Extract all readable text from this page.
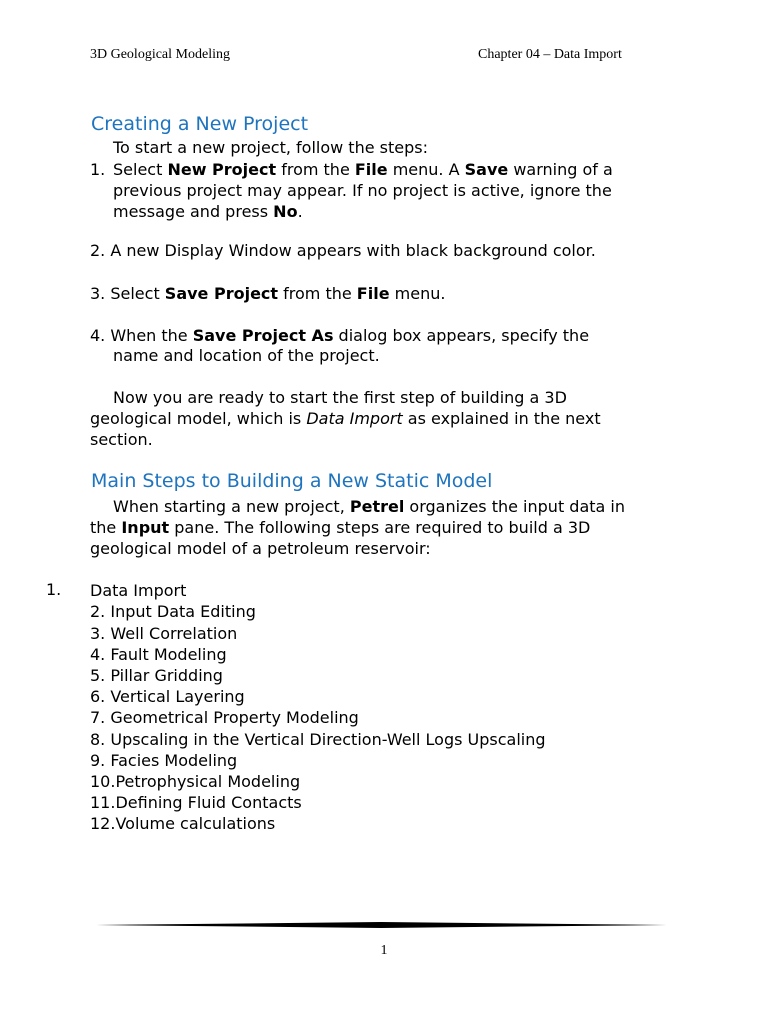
3D Geological Modeling	Chapter 04 – Data Import
Creating a New Project
To start a new project, follow the steps:
1. Select New Project from the File menu. A Save warning of a
previous project may appear. If no project is active, ignore the
message and press No.
2. A new Display Window appears with black background color.
3. Select Save Project from the File menu.
4. When the Save Project As dialog box appears, specify the
name and location of the project.
Now you are ready to start the first step of building a 3D
geological model, which is Data Import as explained in the next
section.
Main Steps to Building a New Static Model
When starting a new project, Petrel organizes the input data in
the Input pane. The following steps are required to build a 3D
geological model of a petroleum reservoir:
1. Data Import
2. Input Data Editing
3. Well Correlation
4. Fault Modeling
5. Pillar Gridding
6. Vertical Layering
7. Geometrical Property Modeling
8. Upscaling in the Vertical Direction-Well Logs Upscaling
9. Facies Modeling
10.Petrophysical Modeling
11.Defining Fluid Contacts
12.Volume calculations
1
